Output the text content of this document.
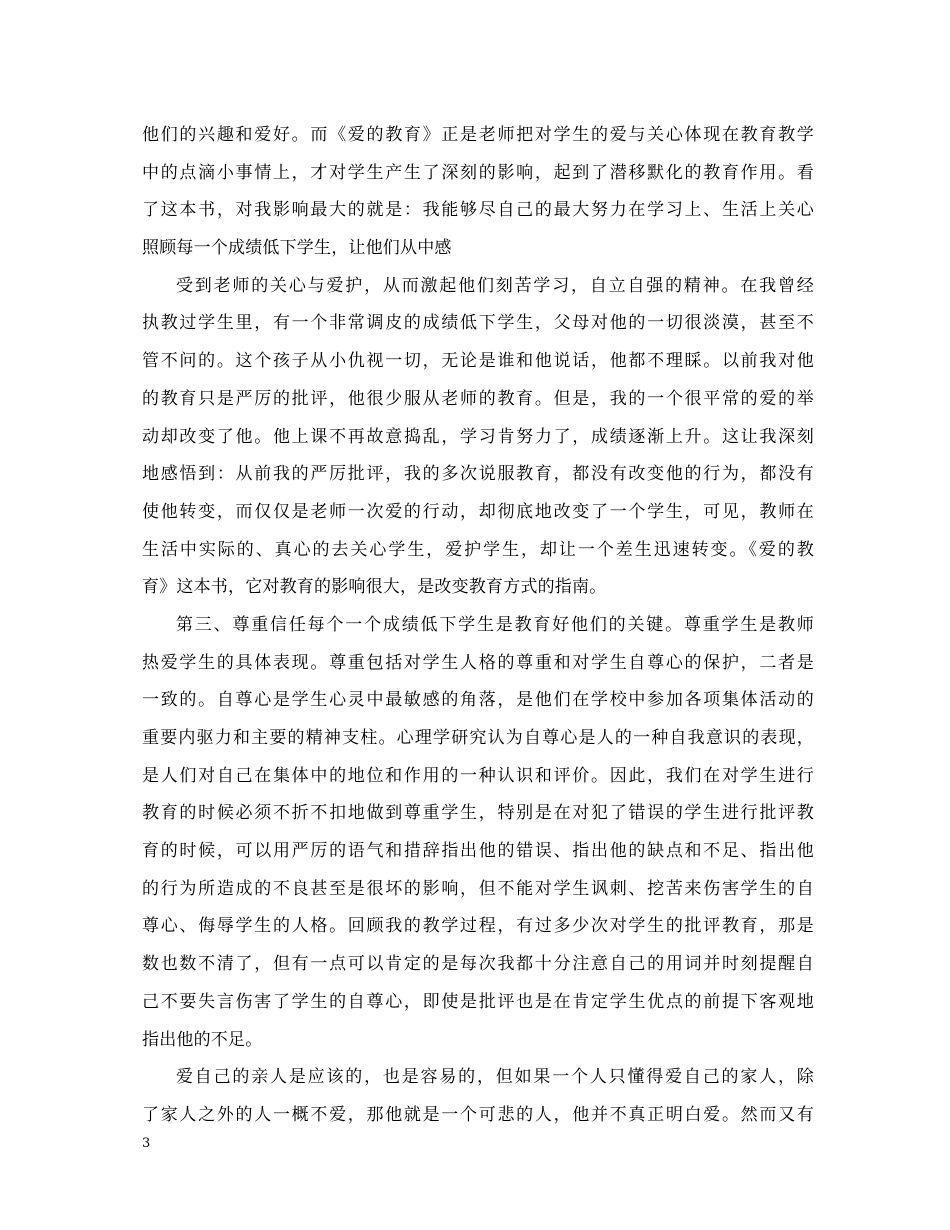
他们的兴趣和爱好。而《爱的教育》正是老师把对学生的爱与关心体现在教育教学
中的点滴小事情上，才对学生产生了深刻的影响，起到了潜移默化的教育作用。看
了这本书，对我影响最大的就是：我能够尽自己的最大努力在学习上、生活上关心
照顾每一个成绩低下学生，让他们从中感
受到老师的关心与爱护，从而激起他们刻苦学习，自立自强的精神。在我曾经
执教过学生里，有一个非常调皮的成绩低下学生，父母对他的一切很淡漠，甚至不
管不问的。这个孩子从小仇视一切，无论是谁和他说话，他都不理睬。以前我对他
的教育只是严厉的批评，他很少服从老师的教育。但是，我的一个很平常的爱的举
动却改变了他。他上课不再故意捣乱，学习肯努力了，成绩逐渐上升。这让我深刻
地感悟到：从前我的严厉批评，我的多次说服教育，都没有改变他的行为，都没有
使他转变，而仅仅是老师一次爱的行动，却彻底地改变了一个学生，可见，教师在
生活中实际的、真心的去关心学生，爱护学生，却让一个差生迅速转变。《爱的教
育》这本书，它对教育的影响很大，是改变教育方式的指南。
第三、尊重信任每个一个成绩低下学生是教育好他们的关键。尊重学生是教师
热爱学生的具体表现。尊重包括对学生人格的尊重和对学生自尊心的保护，二者是
一致的。自尊心是学生心灵中最敏感的角落，是他们在学校中参加各项集体活动的
重要内驱力和主要的精神支柱。心理学研究认为自尊心是人的一种自我意识的表现，
是人们对自己在集体中的地位和作用的一种认识和评价。因此，我们在对学生进行
教育的时候必须不折不扣地做到尊重学生，特别是在对犯了错误的学生进行批评教
育的时候，可以用严厉的语气和措辞指出他的错误、指出他的缺点和不足、指出他
的行为所造成的不良甚至是很坏的影响，但不能对学生讽刺、挖苦来伤害学生的自
尊心、侮辱学生的人格。回顾我的教学过程，有过多少次对学生的批评教育，那是
数也数不清了，但有一点可以肯定的是每次我都十分注意自己的用词并时刻提醒自
己不要失言伤害了学生的自尊心，即使是批评也是在肯定学生优点的前提下客观地
指出他的不足。
爱自己的亲人是应该的，也是容易的，但如果一个人只懂得爱自己的家人，除
了家人之外的人一概不爱，那他就是一个可悲的人，他并不真正明白爱。然而又有
3
